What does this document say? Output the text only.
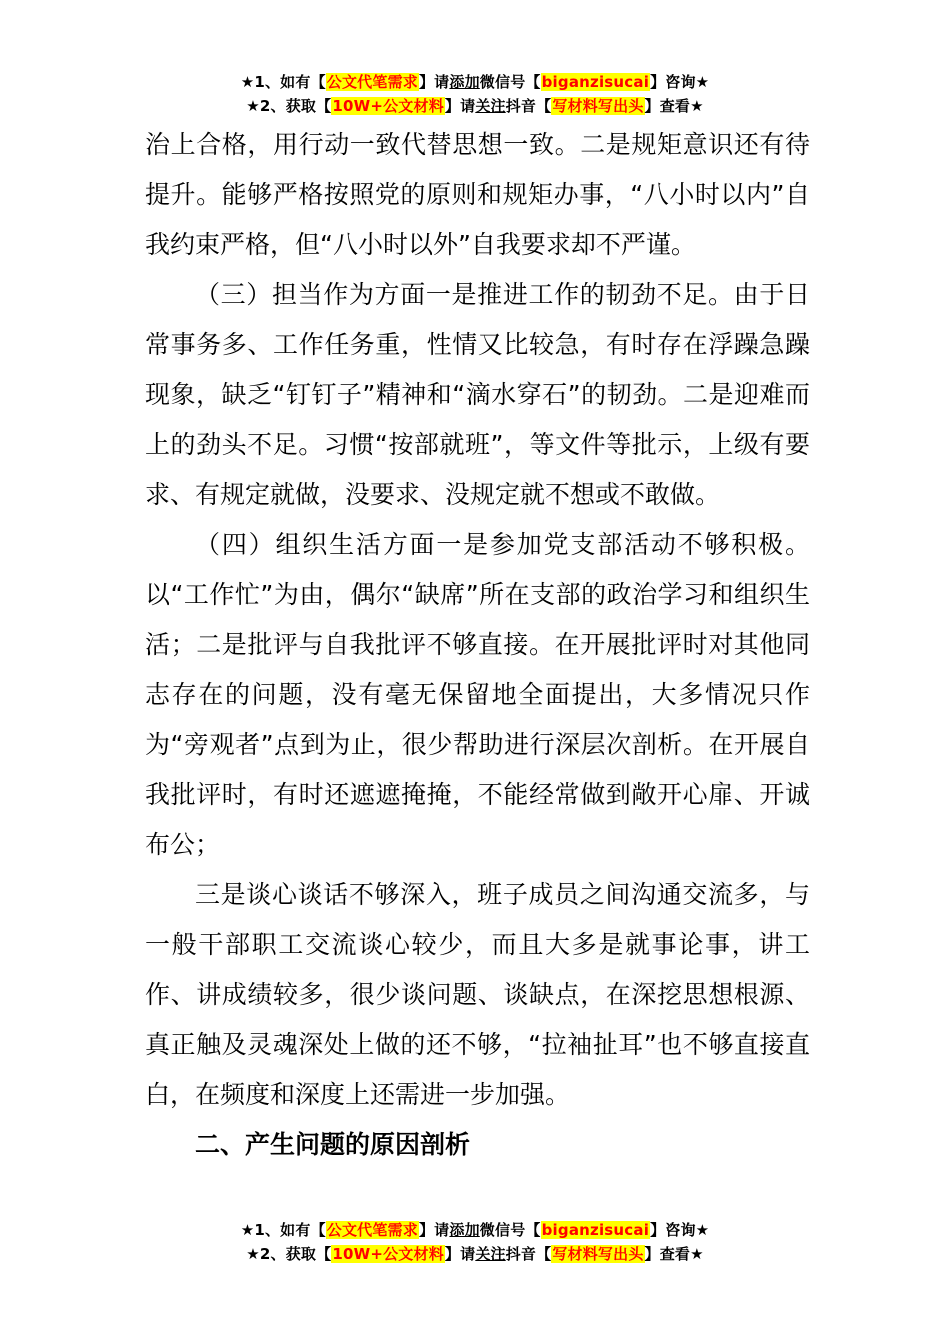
★1、如有【公文代笔需求】请添加微信号【biganzisucai】咨询★
★2、获取【10W+公文材料】请关注抖音【写材料写出头】查看★

治上合格，用行动一致代替思想一致。二是规矩意识还有待提升。能够严格按照党的原则和规矩办事，“八小时以内”自我约束严格，但“八小时以外”自我要求却不严谨。

（三）担当作为方面一是推进工作的韧劲不足。由于日常事务多、工作任务重，性情又比较急，有时存在浮躁急躁现象，缺乏“钉钉子”精神和“滴水穿石”的韧劲。二是迎难而上的劲头不足。习惯“按部就班”，等文件等批示，上级有要求、有规定就做，没要求、没规定就不想或不敢做。

（四）组织生活方面一是参加党支部活动不够积极。以“工作忙”为由，偶尔“缺席”所在支部的政治学习和组织生活；二是批评与自我批评不够直接。在开展批评时对其他同志存在的问题，没有毫无保留地全面提出，大多情况只作为“旁观者”点到为止，很少帮助进行深层次剖析。在开展自我批评时，有时还遮遮掩掩，不能经常做到敞开心扉、开诚布公；

三是谈心谈话不够深入，班子成员之间沟通交流多，与一般干部职工交流谈心较少，而且大多是就事论事，讲工作、讲成绩较多，很少谈问题、谈缺点，在深挖思想根源、真正触及灵魂深处上做的还不够，“拉袖扯耳”也不够直接直白，在频度和深度上还需进一步加强。

二、产生问题的原因剖析

★1、如有【公文代笔需求】请添加微信号【biganzisucai】咨询★
★2、获取【10W+公文材料】请关注抖音【写材料写出头】查看★
